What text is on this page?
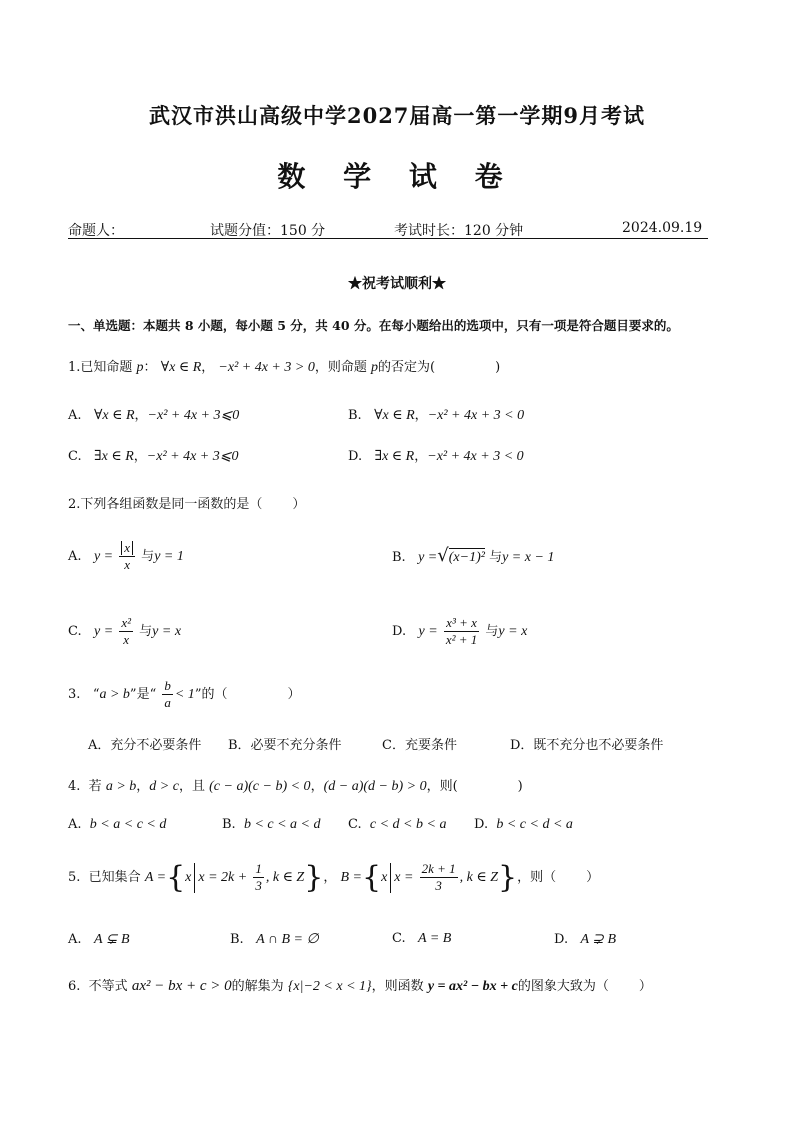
武汉市洪山高级中学2027届高一第一学期9月考试
数 学 试 卷
命题人：	试题分值：150 分	考试时长：120 分钟	2024.09.19
★祝考试顺利★
一、单选题：本题共 8 小题，每小题 5 分，共 40 分。在每小题给出的选项中，只有一项是符合题目要求的。
1.已知命题 p： ∀x ∈ R， −x² + 4x + 3 > 0，则命题 p的否定为(	)
A. ∀x ∈ R，−x² + 4x + 3⩽0	B. ∀x ∈ R，−x² + 4x + 3 < 0
C. ∃x ∈ R，−x² + 4x + 3⩽0	D. ∃x ∈ R，−x² + 4x + 3 < 0
2.下列各组函数是同一函数的是（ ）
A. $y = \frac{x}{x}$ 与y = 1	B. y =√(x−1)² 与y = x − 1
C. $y = \frac{\text{x²}}{x}$ 与y = x	D. $y = \frac{\text{x³ + x}}{\text{x² + 1}}$ 与y = x
3. “a > b”是“ $\frac{b}{a} < 1$”的（	）
A．充分不必要条件 B．必要不充分条件	C．充要条件	D．既不充分也不必要条件
4. 若 a > b，d > c，且 (c − a)(c − b) < 0，(d − a)(d − b) > 0，则(	)
A. b < a < c < d	B. b < c < a < d C. c < d < b < a D. b < c < d < a
5. 已知集合 A ={x $x = 2k + \frac{1}{3}$ , k ∈ Z}， B ={x $x = \frac{2k + 1}{3}$ , k ∈ Z}，则（ ）
A. A ⊊ B	B. A ∩ B = ∅	C. A = B	D. A ⊋ B
6. 不等式 ax² − bx + c > 0的解集为 {x|−2 < x < 1}，则函数 y = ax² − bx + c的图象大致为（ ）
